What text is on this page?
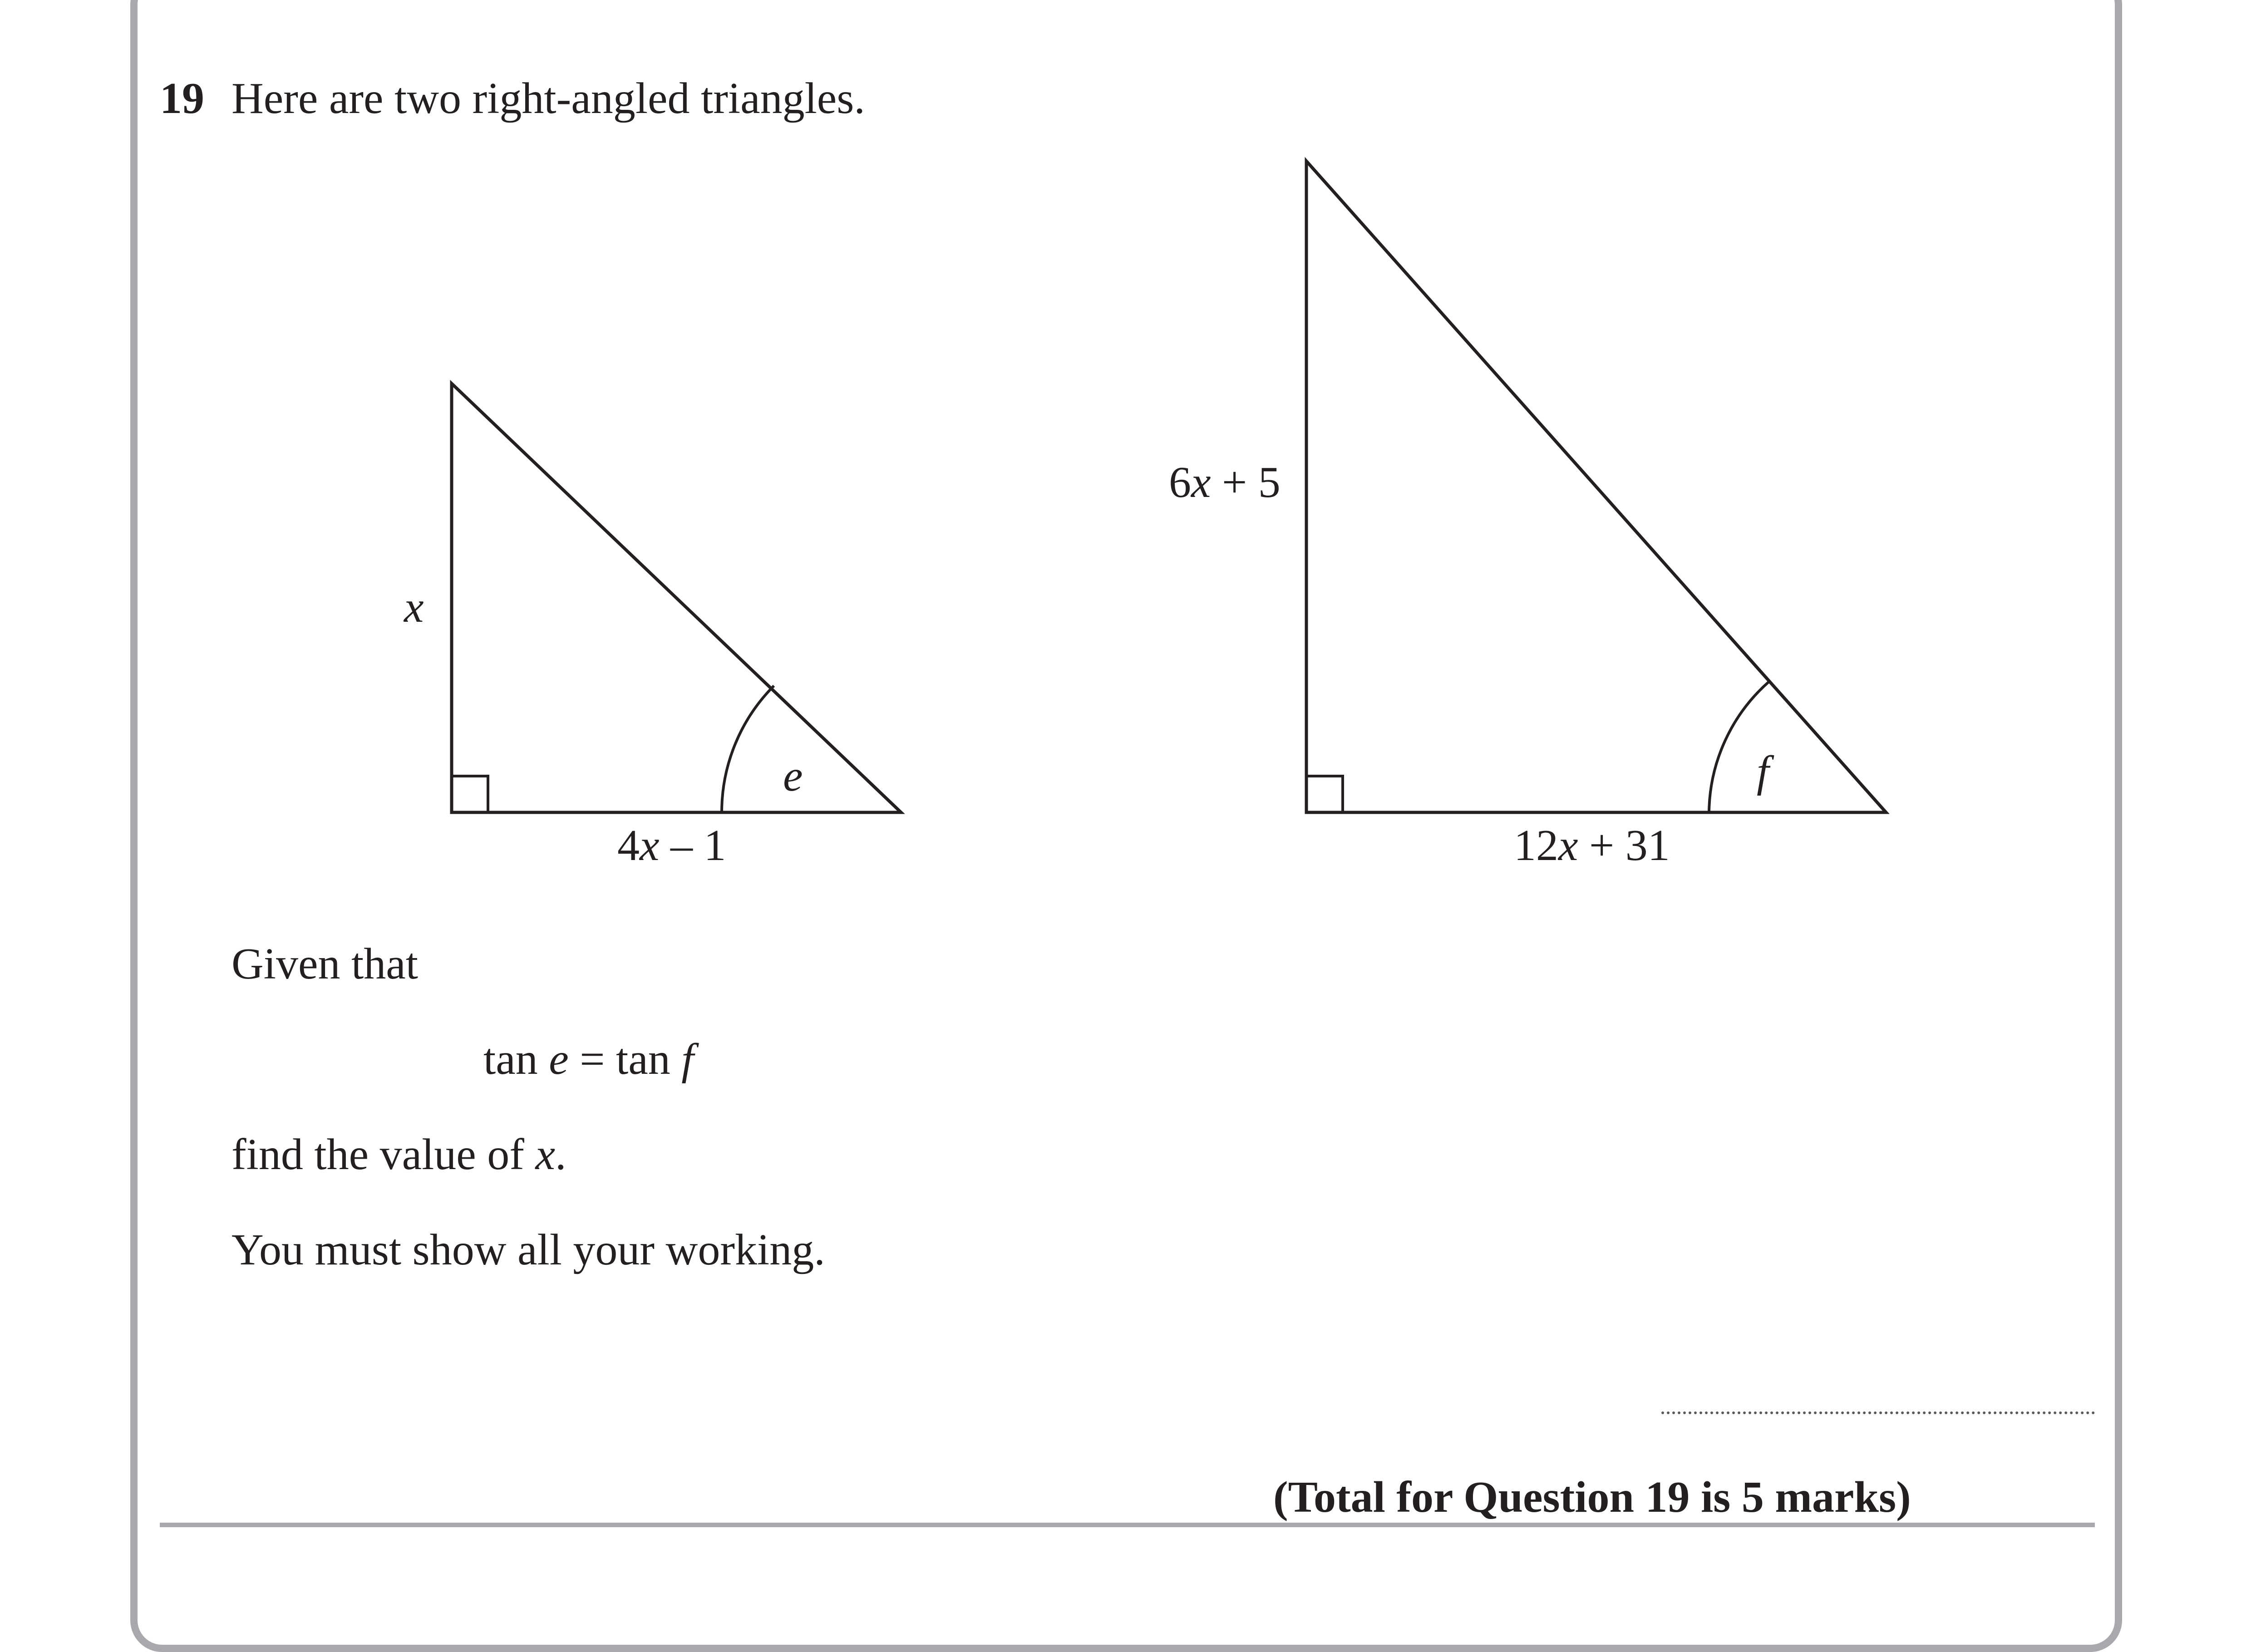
19 Here are two right-angled triangles.
x
4x – 1
e
6x + 5
12x + 31
f
Given that
tan e = tan f
find the value of x.
You must show all your working.
(Total for Question 19 is 5 marks)
